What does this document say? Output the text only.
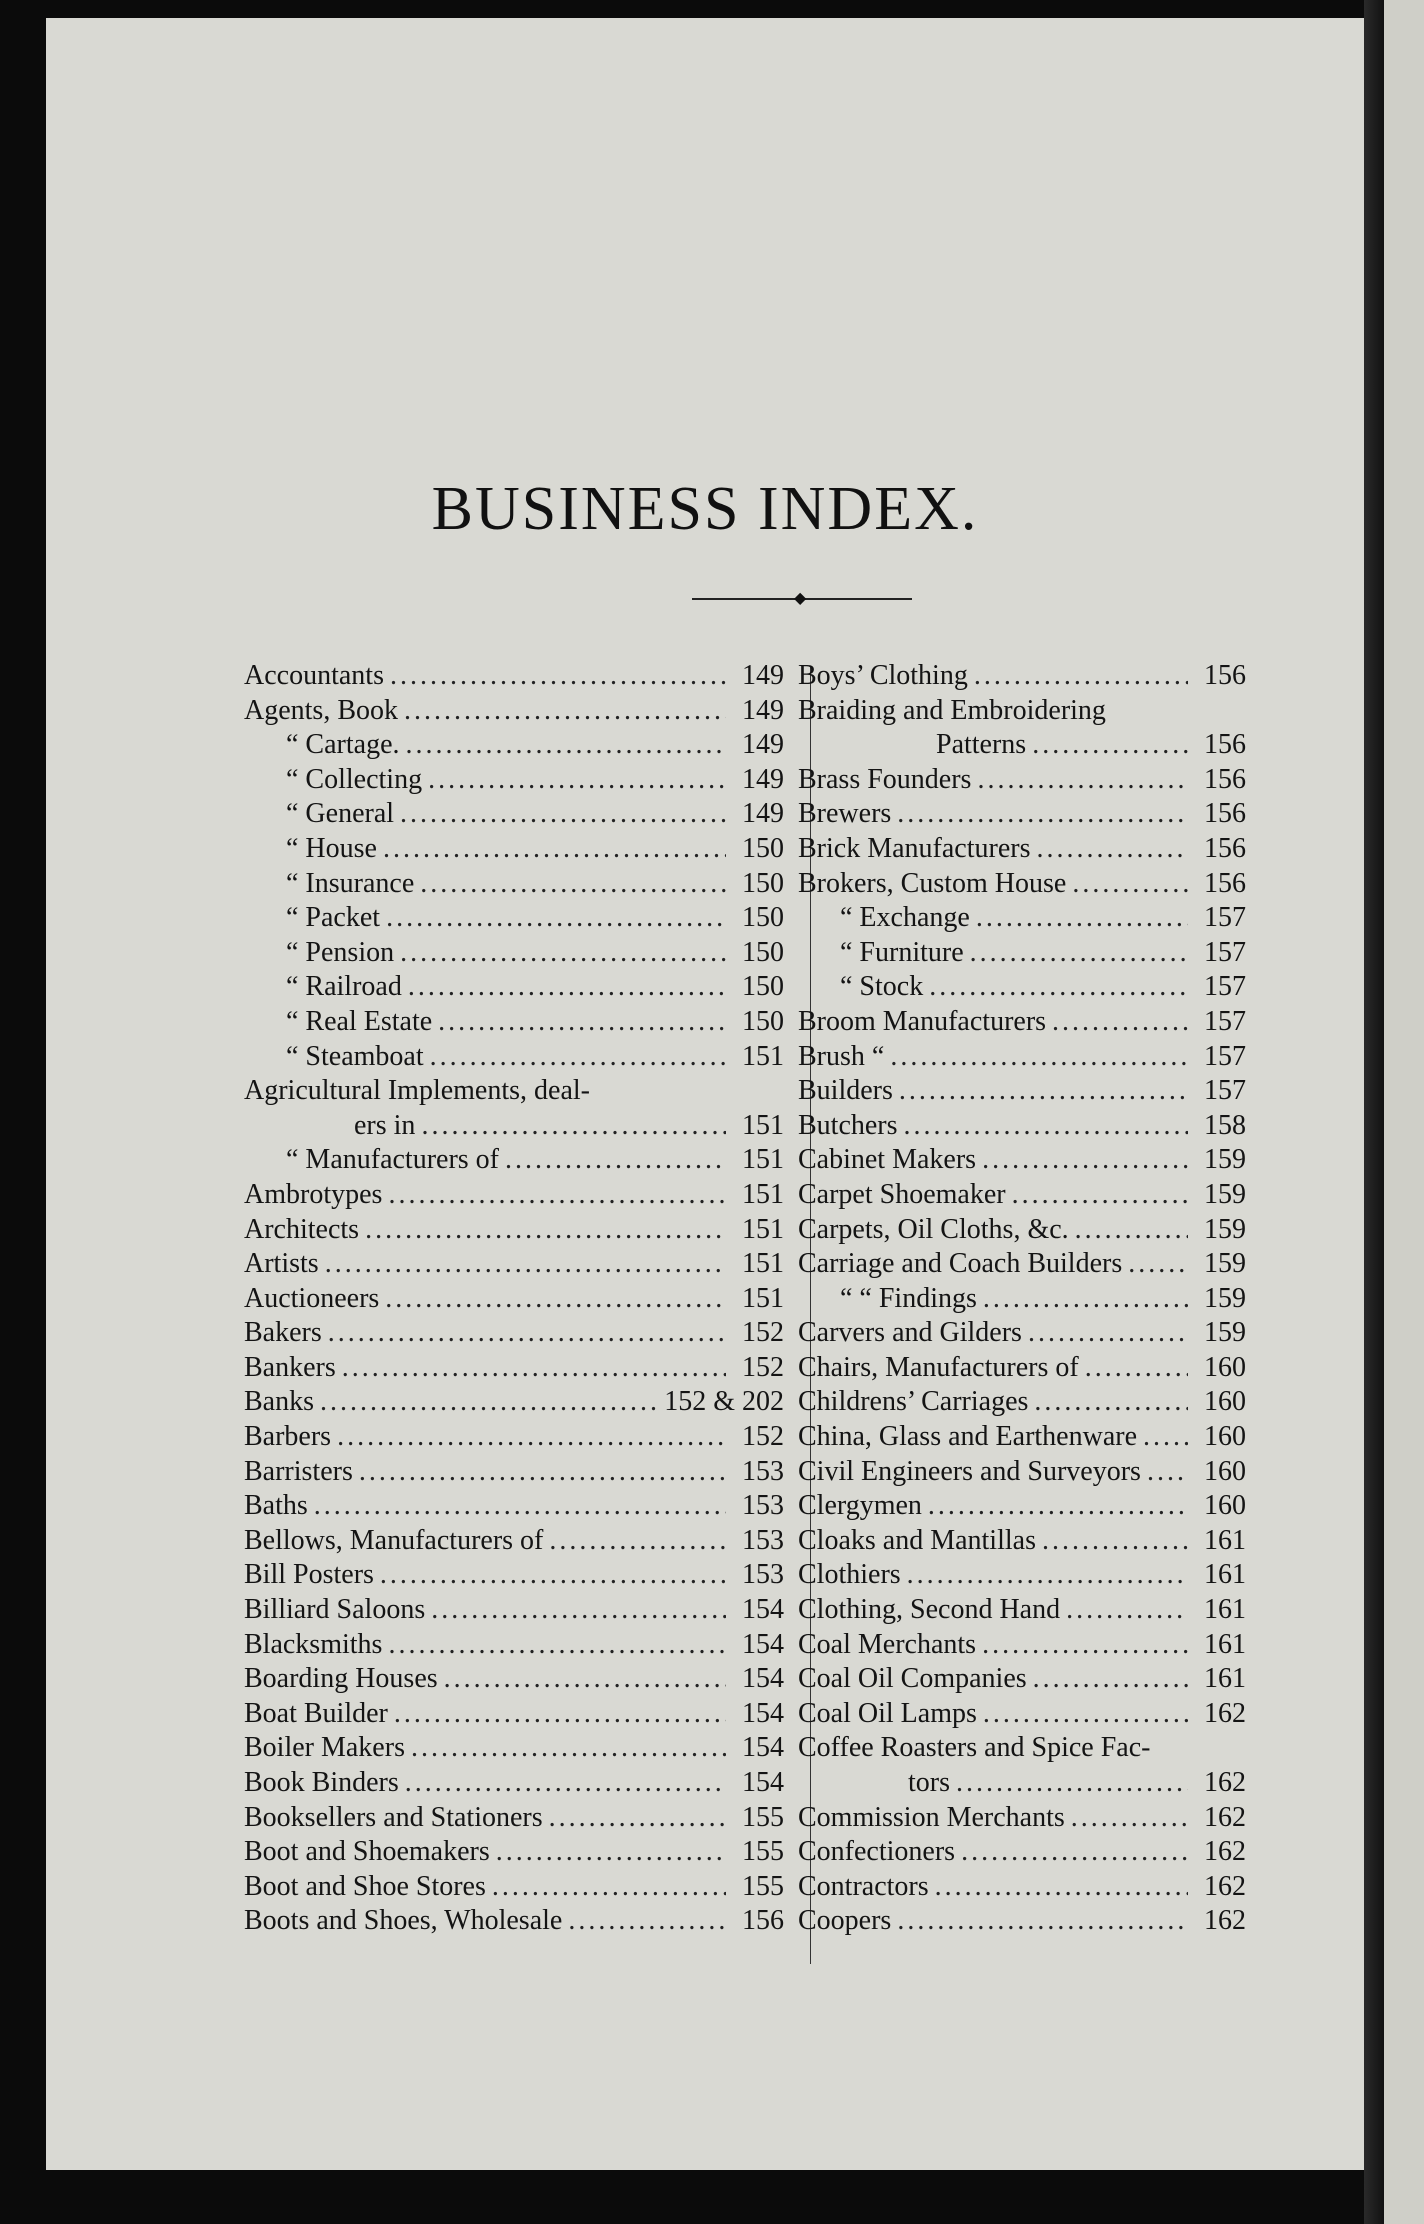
BUSINESS INDEX.
◆
Accountants .....	149
Agents, Book .....	149
“ Cartage. .....	149
“ Collecting .....	149
“ General .....	149
“ House .....	150
“ Insurance .....	150
“ Packet .....	150
“ Pension .....	150
“ Railroad .....	150
“ Real Estate .....	150
“ Steamboat .....	151
Agricultural Implements, deal-
ers in .....	151
“ Manufacturers of .....	151
Ambrotypes .....	151
Architects .....	151
Artists .....	151
Auctioneers .....	151
Bakers .....	152
Bankers .....	152
Banks .....	152 & 202
Barbers .....	152
Barristers .....	153
Baths .....	153
Bellows, Manufacturers of .....	153
Bill Posters .....	153
Billiard Saloons .....	154
Blacksmiths .....	154
Boarding Houses .....	154
Boat Builder .....	154
Boiler Makers .....	154
Book Binders .....	154
Booksellers and Stationers .....	155
Boot and Shoemakers .....	155
Boot and Shoe Stores .....	155
Boots and Shoes, Wholesale .....	156
Boys’ Clothing .....	156
Braiding and Embroidering
Patterns .....	156
Brass Founders .....	156
Brewers .....	156
Brick Manufacturers .....	156
Brokers, Custom House .....	156
“ Exchange .....	157
“ Furniture .....	157
“ Stock .....	157
Broom Manufacturers .....	157
Brush “ .....	157
Builders .....	157
Butchers .....	158
Cabinet Makers .....	159
Carpet Shoemaker .....	159
Carpets, Oil Cloths, &c. .....	159
Carriage and Coach Builders .....	159
“ “ Findings .....	159
Carvers and Gilders .....	159
Chairs, Manufacturers of .....	160
Childrens’ Carriages .....	160
China, Glass and Earthenware .....	160
Civil Engineers and Surveyors .....	160
Clergymen .....	160
Cloaks and Mantillas .....	161
Clothiers .....	161
Clothing, Second Hand .....	161
Coal Merchants .....	161
Coal Oil Companies .....	161
Coal Oil Lamps .....	162
Coffee Roasters and Spice Fac-
tors .....	162
Commission Merchants .....	162
Confectioners .....	162
Contractors .....	162
Coopers .....	162
